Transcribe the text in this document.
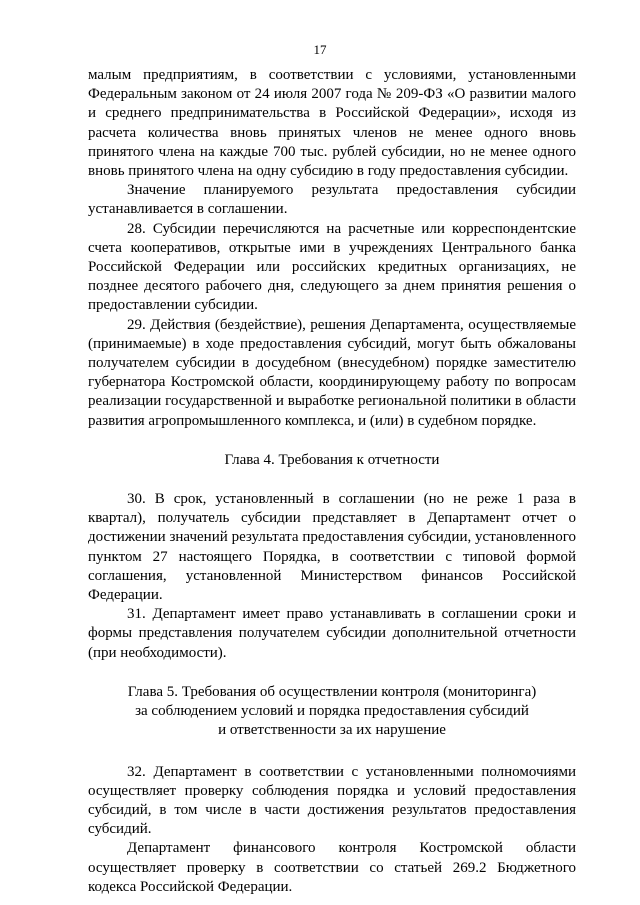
17

малым предприятиям, в соответствии с условиями, установленными Федеральным законом от 24 июля 2007 года № 209-ФЗ «О развитии малого и среднего предпринимательства в Российской Федерации», исходя из расчета количества вновь принятых членов не менее одного вновь принятого члена на каждые 700 тыс. рублей субсидии, но не менее одного вновь принятого члена на одну субсидию в году предоставления субсидии.

Значение планируемого результата предоставления субсидии устанавливается в соглашении.

28. Субсидии перечисляются на расчетные или корреспондентские счета кооперативов, открытые ими в учреждениях Центрального банка Российской Федерации или российских кредитных организациях, не позднее десятого рабочего дня, следующего за днем принятия решения о предоставлении субсидии.

29. Действия (бездействие), решения Департамента, осуществляемые (принимаемые) в ходе предоставления субсидий, могут быть обжалованы получателем субсидии в досудебном (внесудебном) порядке заместителю губернатора Костромской области, координирующему работу по вопросам реализации государственной и выработке региональной политики в области развития агропромышленного комплекса, и (или) в судебном порядке.

Глава 4. Требования к отчетности

30. В срок, установленный в соглашении (но не реже 1 раза в квартал), получатель субсидии представляет в Департамент отчет о достижении значений результата предоставления субсидии, установленного пунктом 27 настоящего Порядка, в соответствии с типовой формой соглашения, установленной Министерством финансов Российской Федерации.

31. Департамент имеет право устанавливать в соглашении сроки и формы представления получателем субсидии дополнительной отчетности (при необходимости).

Глава 5. Требования об осуществлении контроля (мониторинга)
за соблюдением условий и порядка предоставления субсидий
и ответственности за их нарушение

32. Департамент в соответствии с установленными полномочиями осуществляет проверку соблюдения порядка и условий предоставления субсидий, в том числе в части достижения результатов предоставления субсидий.

Департамент финансового контроля Костромской области осуществляет проверку в соответствии со статьей 269.2 Бюджетного кодекса Российской Федерации.
